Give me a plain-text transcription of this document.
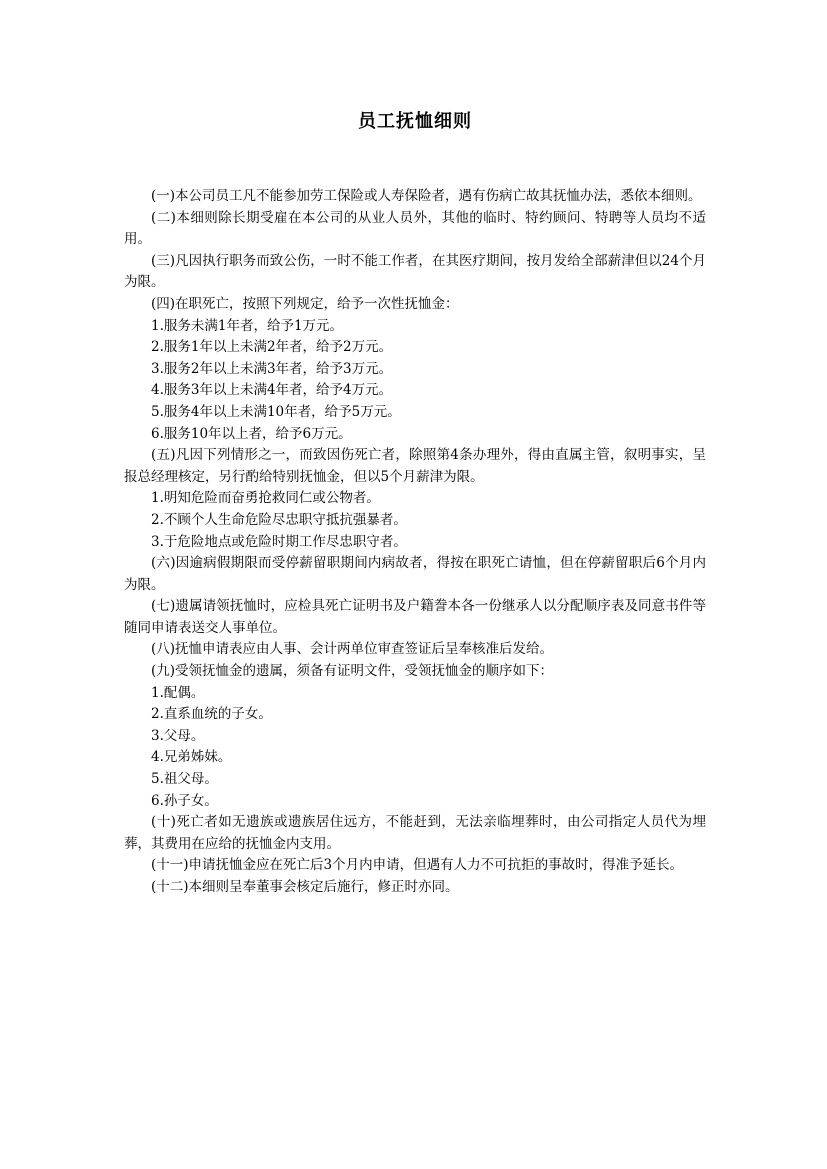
员工抚恤细则

(一)本公司员工凡不能参加劳工保险或人寿保险者，遇有伤病亡故其抚恤办法，悉依本细则。

(二)本细则除长期受雇在本公司的从业人员外，其他的临时、特约顾问、特聘等人员均不适用。

(三)凡因执行职务而致公伤，一时不能工作者，在其医疗期间，按月发给全部薪津但以24个月为限。

(四)在职死亡，按照下列规定，给予一次性抚恤金：

1.服务未满1年者，给予1万元。

2.服务1年以上未满2年者，给予2万元。

3.服务2年以上未满3年者，给予3万元。

4.服务3年以上未满4年者，给予4万元。

5.服务4年以上未满10年者，给予5万元。

6.服务10年以上者，给予6万元。

(五)凡因下列情形之一，而致因伤死亡者，除照第4条办理外，得由直属主管，叙明事实，呈报总经理核定，另行酌给特别抚恤金，但以5个月薪津为限。

1.明知危险而奋勇抢救同仁或公物者。

2.不顾个人生命危险尽忠职守抵抗强暴者。

3.于危险地点或危险时期工作尽忠职守者。

(六)因逾病假期限而受停薪留职期间内病故者，得按在职死亡请恤，但在停薪留职后6个月内为限。

(七)遗属请领抚恤时，应检具死亡证明书及户籍誊本各一份继承人以分配顺序表及同意书件等随同申请表送交人事单位。

(八)抚恤申请表应由人事、会计两单位审查签证后呈奉核准后发给。

(九)受领抚恤金的遗属，须备有证明文件，受领抚恤金的顺序如下：

1.配偶。

2.直系血统的子女。

3.父母。

4.兄弟姊妹。

5.祖父母。

6.孙子女。

(十)死亡者如无遗族或遗族居住远方，不能赶到，无法亲临埋葬时，由公司指定人员代为埋葬，其费用在应给的抚恤金内支用。

(十一)申请抚恤金应在死亡后3个月内申请，但遇有人力不可抗拒的事故时，得准予延长。

(十二)本细则呈奉董事会核定后施行，修正时亦同。
